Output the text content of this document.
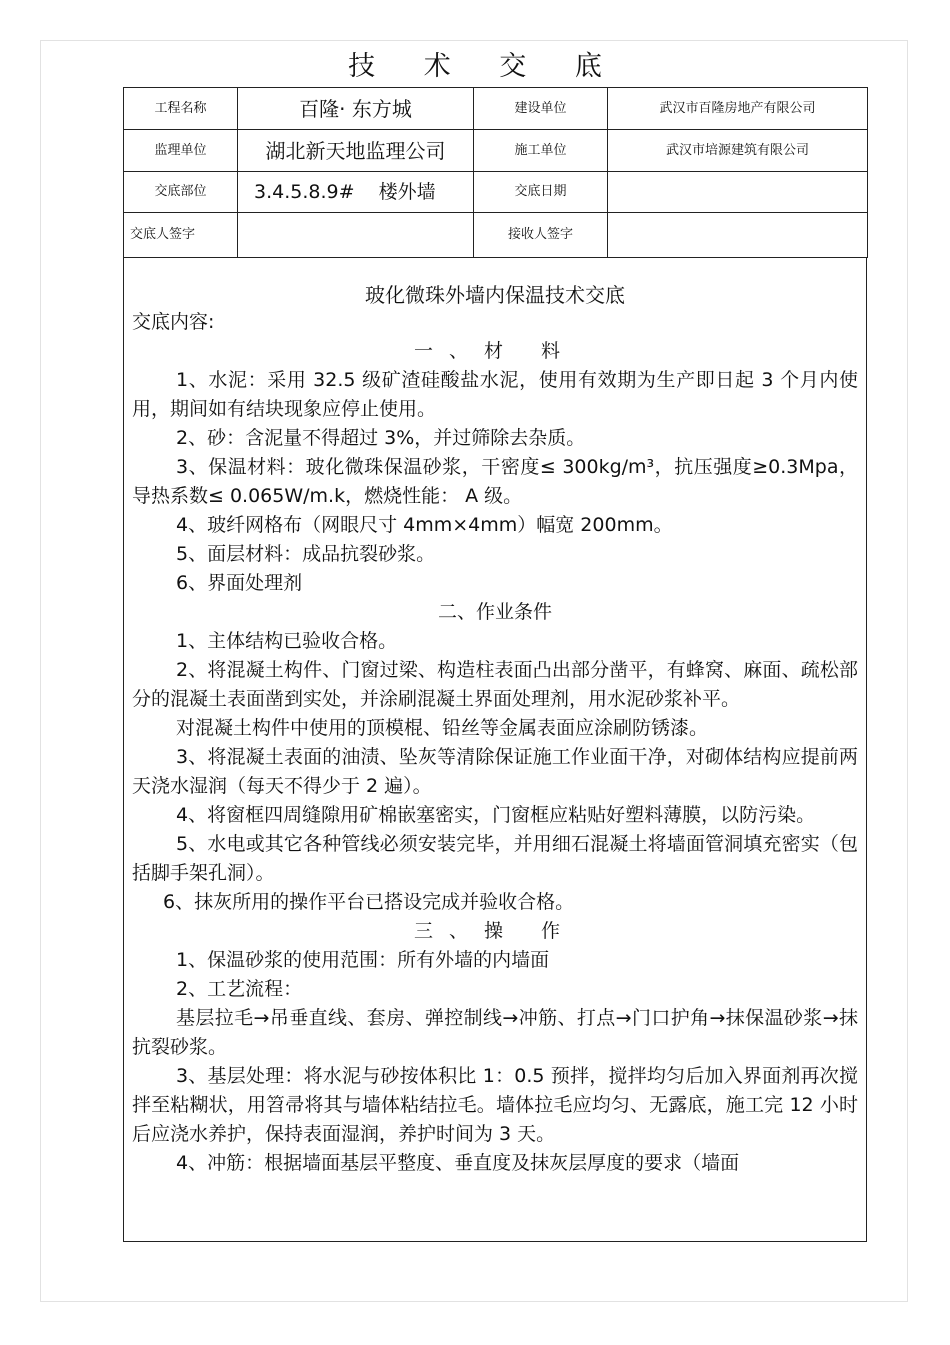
技 术 交 底
工程名称	百隆· 东方城	建设单位	武汉市百隆房地产有限公司
监理单位	湖北新天地监理公司	施工单位	武汉市培源建筑有限公司
交底部位	3.4.5.8.9#    楼外墙	交底日期	
交底人签字		接收人签字	
玻化微珠外墙内保温技术交底
交底内容:
一、材 料
1、水泥：采用 32.5 级矿渣硅酸盐水泥，使用有效期为生产即日起 3 个月内使用，期间如有结块现象应停止使用。
2、砂：含泥量不得超过 3%，并过筛除去杂质。
3、保温材料：玻化微珠保温砂浆，干密度≤ 300kg/m³，抗压强度≥0.3Mpa，导热系数≤ 0.065W/m.k，燃烧性能： A 级。
4、玻纤网格布（网眼尺寸 4mm×4mm）幅宽 200mm。
5、面层材料：成品抗裂砂浆。
6、界面处理剂
二、作业条件
1、主体结构已验收合格。
2、将混凝土构件、门窗过梁、构造柱表面凸出部分凿平，有蜂窝、麻面、疏松部分的混凝土表面凿到实处，并涂刷混凝土界面处理剂，用水泥砂浆补平。
对混凝土构件中使用的顶模棍、铅丝等金属表面应涂刷防锈漆。
3、将混凝土表面的油渍、坠灰等清除保证施工作业面干净，对砌体结构应提前两天浇水湿润（每天不得少于 2 遍）。
4、将窗框四周缝隙用矿棉嵌塞密实，门窗框应粘贴好塑料薄膜，以防污染。
5、水电或其它各种管线必须安装完毕，并用细石混凝土将墙面管洞填充密实（包括脚手架孔洞）。
6、抹灰所用的操作平台已搭设完成并验收合格。
三、操 作
1、保温砂浆的使用范围：所有外墙的内墙面
2、工艺流程：
基层拉毛→吊垂直线、套房、弹控制线→冲筋、打点→门口护角→抹保温砂浆→抹抗裂砂浆。
3、基层处理：将水泥与砂按体积比 1：0.5 预拌，搅拌均匀后加入界面剂再次搅拌至粘糊状，用笤帚将其与墙体粘结拉毛。墙体拉毛应均匀、无露底，施工完 12 小时后应浇水养护，保持表面湿润，养护时间为 3 天。
4、冲筋：根据墙面基层平整度、垂直度及抹灰层厚度的要求（墙面
